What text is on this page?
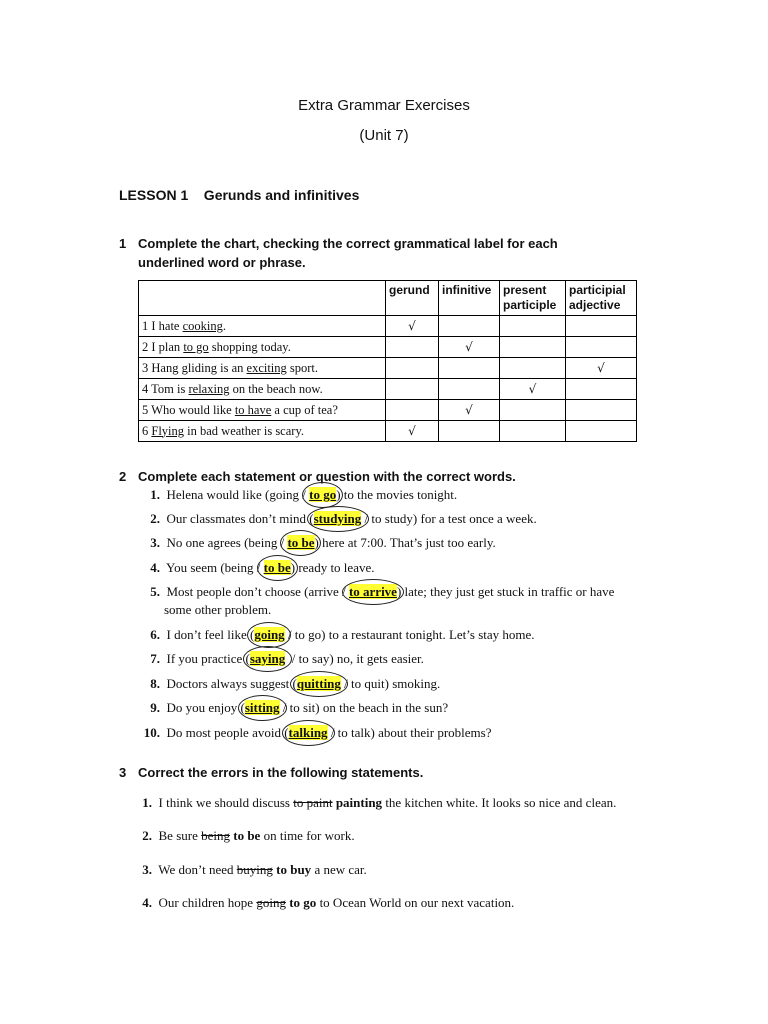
Extra Grammar Exercises
(Unit 7)
LESSON 1    Gerunds and infinitives
1 Complete the chart, checking the correct grammatical label for each
underlined word or phrase.
	gerund	infinitive	present participle	participial adjective
1 I hate cooking.	√			
2 I plan to go shopping today.		√		
3 Hang gliding is an exciting sport.				√
4 Tom is relaxing on the beach now.			√	
5 Who would like to have a cup of tea?		√		
6 Flying in bad weather is scary.	√			
2 Complete each statement or question with the correct words.
1. Helena would like (going / to go
) to the movies tonight.
2. Our classmates don’t mind (studying
/ to study) for a test once a week.
3. No one agrees (being / to be
) here at 7:00. That’s just too early.
4. You seem (being / to be
) ready to leave.
5. Most people don’t choose (arrive / to arrive
) late; they just get stuck in traffic or have
some other problem.
6. I don’t feel like (going
/ to go) to a restaurant tonight. Let’s stay home.
7. If you practice (saying
/ to say) no, it gets easier.
8. Doctors always suggest (quitting
/ to quit) smoking.
9. Do you enjoy (sitting
/ to sit) on the beach in the sun?
10. Do most people avoid (talking
/ to talk) about their problems?
3 Correct the errors in the following statements.
1. I think we should discuss to paint painting the kitchen white. It looks so nice and clean.
2. Be sure being to be on time for work.
3. We don’t need buying to buy a new car.
4. Our children hope going to go to Ocean World on our next vacation.
